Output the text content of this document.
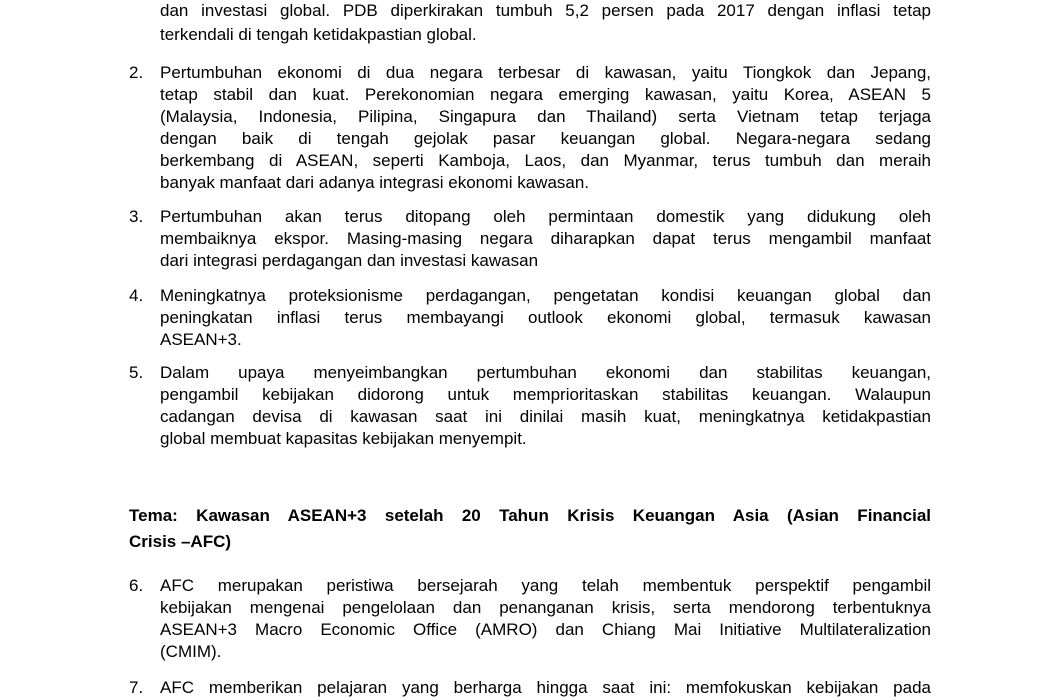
dan investasi global. PDB diperkirakan tumbuh 5,2 persen pada 2017 dengan inflasi tetap
terkendali di tengah ketidakpastian global.
2. Pertumbuhan ekonomi di dua negara terbesar di kawasan, yaitu Tiongkok dan Jepang,
tetap stabil dan kuat. Perekonomian negara emerging kawasan, yaitu Korea, ASEAN 5
(Malaysia, Indonesia, Pilipina, Singapura dan Thailand) serta Vietnam tetap terjaga
dengan baik di tengah gejolak pasar keuangan global. Negara-negara sedang
berkembang di ASEAN, seperti Kamboja, Laos, dan Myanmar, terus tumbuh dan meraih
banyak manfaat dari adanya integrasi ekonomi kawasan.
3. Pertumbuhan akan terus ditopang oleh permintaan domestik yang didukung oleh
membaiknya ekspor. Masing-masing negara diharapkan dapat terus mengambil manfaat
dari integrasi perdagangan dan investasi kawasan
4. Meningkatnya proteksionisme perdagangan, pengetatan kondisi keuangan global dan
peningkatan inflasi terus membayangi outlook ekonomi global, termasuk kawasan
ASEAN+3.
5. Dalam upaya menyeimbangkan pertumbuhan ekonomi dan stabilitas keuangan,
pengambil kebijakan didorong untuk memprioritaskan stabilitas keuangan. Walaupun
cadangan devisa di kawasan saat ini dinilai masih kuat, meningkatnya ketidakpastian
global membuat kapasitas kebijakan menyempit.
Tema: Kawasan ASEAN+3 setelah 20 Tahun Krisis Keuangan Asia (Asian Financial
Crisis –AFC)
6. AFC merupakan peristiwa bersejarah yang telah membentuk perspektif pengambil
kebijakan mengenai pengelolaan dan penanganan krisis, serta mendorong terbentuknya
ASEAN+3 Macro Economic Office (AMRO) dan Chiang Mai Initiative Multilateralization
(CMIM).
7. AFC memberikan pelajaran yang berharga hingga saat ini: memfokuskan kebijakan pada
